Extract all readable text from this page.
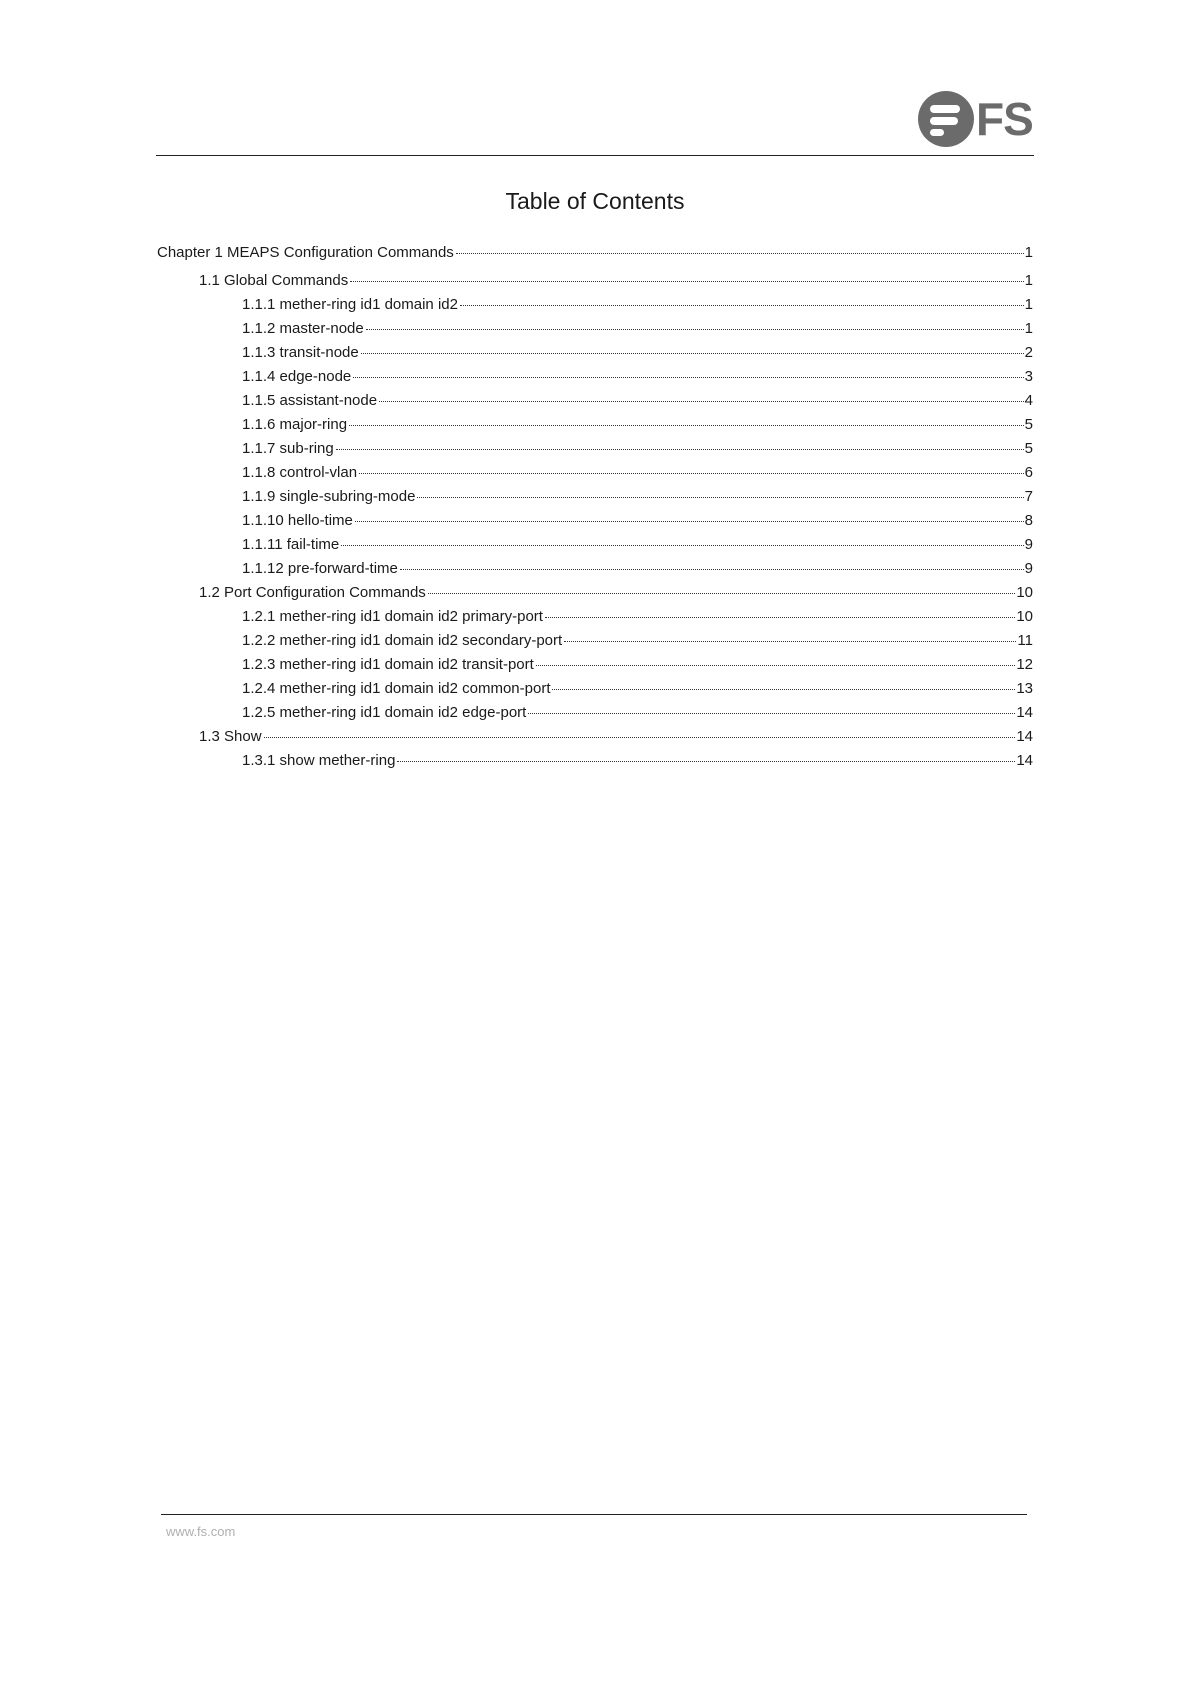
FS
Table of Contents
Chapter 1 MEAPS Configuration Commands	1
1.1 Global Commands	1
1.1.1 mether-ring id1 domain id2	1
1.1.2 master-node	1
1.1.3 transit-node	2
1.1.4 edge-node	3
1.1.5 assistant-node	4
1.1.6 major-ring	5
1.1.7 sub-ring	5
1.1.8 control-vlan	6
1.1.9 single-subring-mode	7
1.1.10 hello-time	8
1.1.11 fail-time	9
1.1.12 pre-forward-time	9
1.2 Port Configuration Commands	10
1.2.1 mether-ring id1 domain id2 primary-port	10
1.2.2 mether-ring id1 domain id2 secondary-port	11
1.2.3 mether-ring id1 domain id2 transit-port	12
1.2.4 mether-ring id1 domain id2 common-port	13
1.2.5 mether-ring id1 domain id2 edge-port	14
1.3 Show	14
1.3.1 show mether-ring	14
www.fs.com
